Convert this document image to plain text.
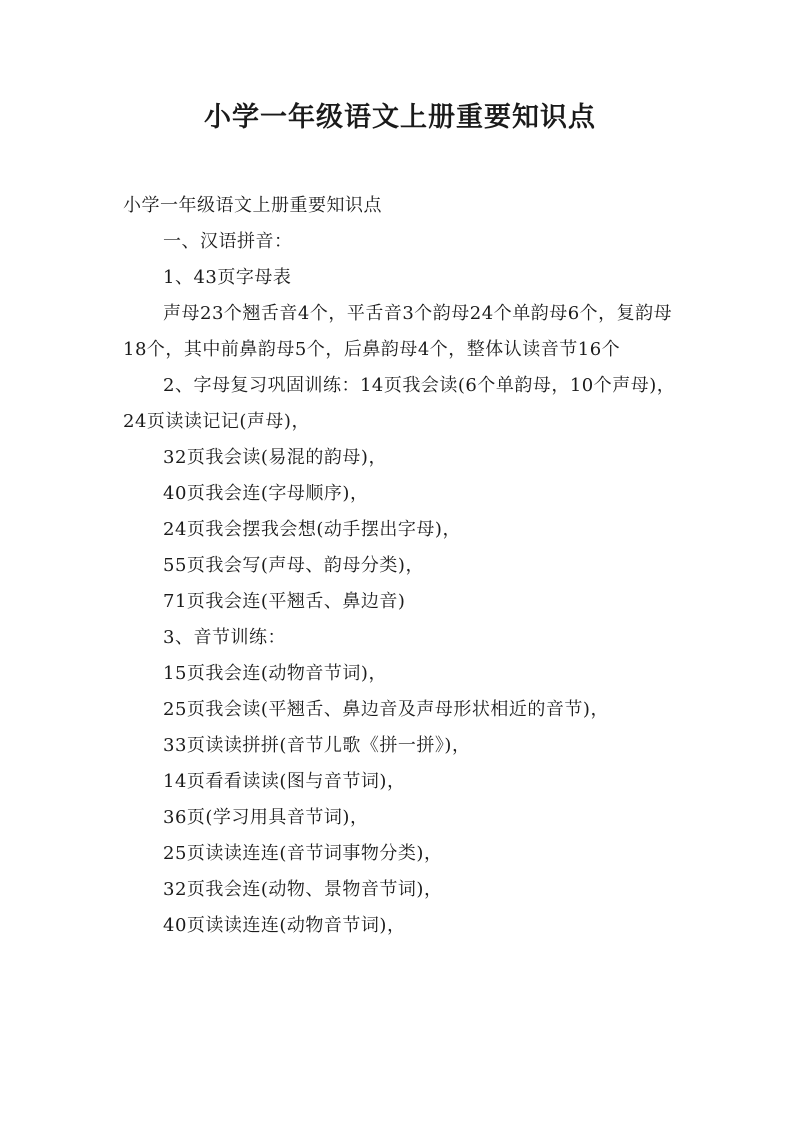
小学一年级语文上册重要知识点

小学一年级语文上册重要知识点

一、汉语拼音：

1、43页字母表

声母23个翘舌音4个，平舌音3个韵母24个单韵母6个，复韵母18个，其中前鼻韵母5个，后鼻韵母4个，整体认读音节16个

2、字母复习巩固训练：14页我会读(6个单韵母，10个声母)，24页读读记记(声母)，

32页我会读(易混的韵母)，

40页我会连(字母顺序)，

24页我会摆我会想(动手摆出字母)，

55页我会写(声母、韵母分类)，

71页我会连(平翘舌、鼻边音)

3、音节训练：

15页我会连(动物音节词)，

25页我会读(平翘舌、鼻边音及声母形状相近的音节)，

33页读读拼拼(音节儿歌《拼一拼》)，

14页看看读读(图与音节词)，

36页(学习用具音节词)，

25页读读连连(音节词事物分类)，

32页我会连(动物、景物音节词)，

40页读读连连(动物音节词)，
